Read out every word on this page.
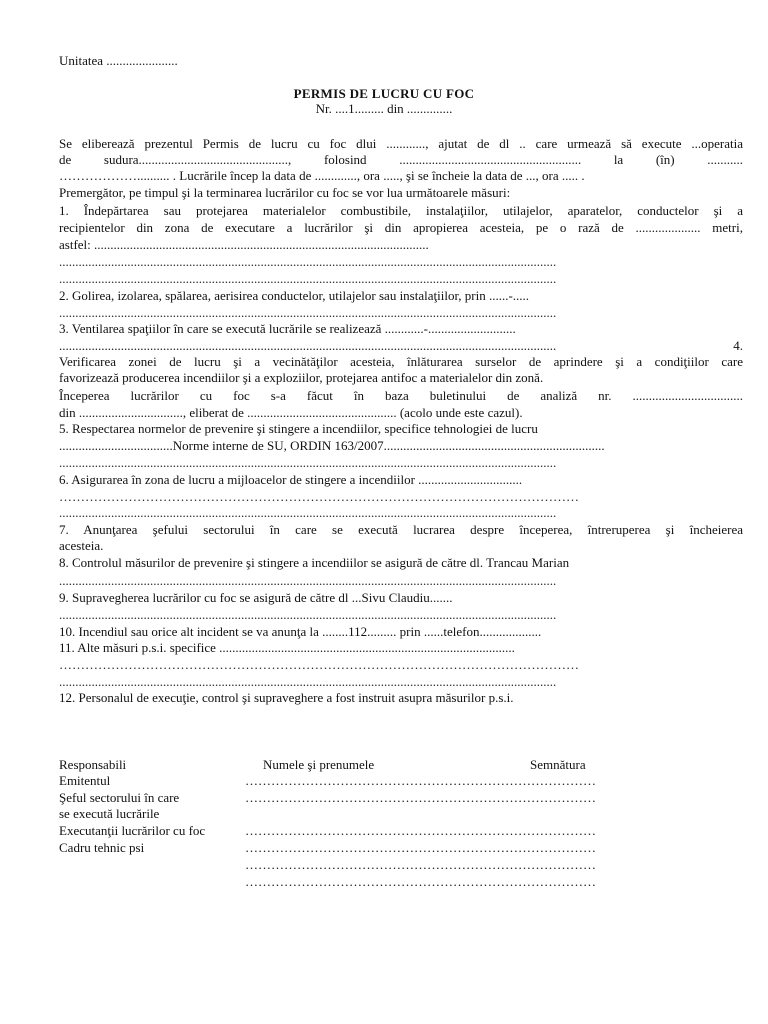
Unitatea ......................
PERMIS DE LUCRU CU FOC
Nr. ....1......... din ..............
Se eliberează prezentul Permis de lucru cu foc dlui ............, ajutat de dl .. care urmează să execute ...operatia
de sudura.............................................., folosind ........................................................ la (în) ...........
……………….......... . Lucrările încep la data de ............., ora ....., şi se încheie la data de ..., ora ..... .
Premergător, pe timpul şi la terminarea lucrărilor cu foc se vor lua următoarele măsuri:
1. Îndepărtarea sau protejarea materialelor combustibile, instalaţiilor, utilajelor, aparatelor, conductelor şi a
recipientelor din zona de executare a lucrărilor şi din apropierea acesteia, pe o rază de .................... metri,
astfel: .......................................................................................................
.........................................................................................................................................................
.........................................................................................................................................................
2. Golirea, izolarea, spălarea, aerisirea conductelor, utilajelor sau instalaţiilor, prin ......-.....
.........................................................................................................................................................
3. Ventilarea spaţiilor în care se execută lucrările se realizează ............-...........................
......................................................................................................................................................... 4.
Verificarea zonei de lucru şi a vecinătăţilor acesteia, înlăturarea surselor de aprindere şi a condiţiilor care
favorizează producerea incendiilor şi a exploziilor, protejarea antifoc a materialelor din zonă.
Începerea lucrărilor cu foc s-a făcut în baza buletinului de analiză nr. ..................................
din ................................, eliberat de .............................................. (acolo unde este cazul).
5. Respectarea normelor de prevenire şi stingere a incendiilor, specifice tehnologiei de lucru
...................................Norme interne de SU, ORDIN 163/2007....................................................................
.........................................................................................................................................................
6. Asigurarea în zona de lucru a mijloacelor de stingere a incendiilor ................................
…………………………………………………………………………………………………………
.........................................................................................................................................................
7. Anunţarea şefului sectorului în care se execută lucrarea despre începerea, întreruperea şi încheierea
acesteia.
8. Controlul măsurilor de prevenire şi stingere a incendiilor se asigură de către dl. Trancau Marian
.........................................................................................................................................................
9. Supravegherea lucrărilor cu foc se asigură de către dl ...Sivu Claudiu.......
.........................................................................................................................................................
10. Incendiul sau orice alt incident se va anunţa la ........112......... prin ......telefon...................
11. Alte măsuri p.s.i. specifice ...........................................................................................
…………………………………………………………………………………………………………
.........................................................................................................................................................
12. Personalul de execuţie, control şi supraveghere a fost instruit asupra măsurilor p.s.i.
Responsabili	Numele şi prenumele	Semnătura
Emitentul
Şeful sectorului în care
se execută lucrările
Executanţii lucrărilor cu foc
Cadru tehnic psi
………………………………………………………………………
………………………………………………………………………
………………………………………………………………………
………………………………………………………………………
………………………………………………………………………
………………………………………………………………………
